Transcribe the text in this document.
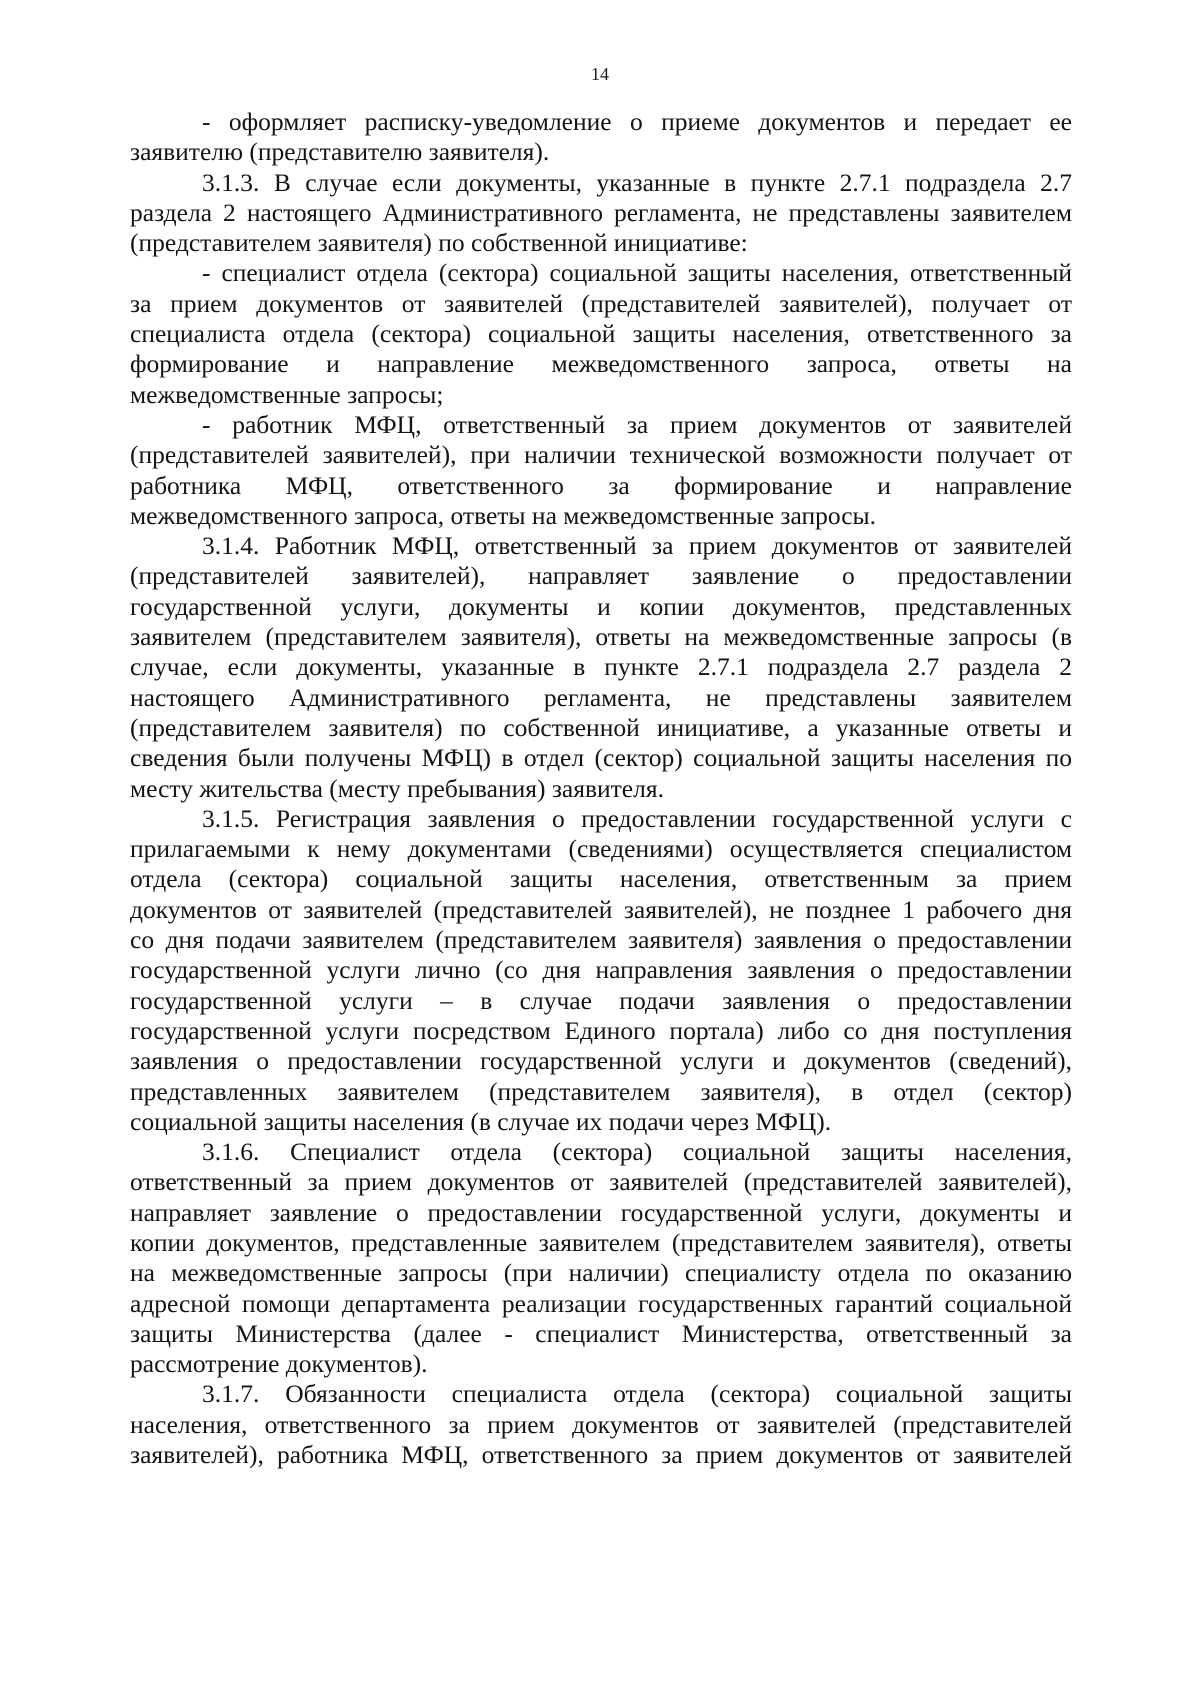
14
- оформляет расписку-уведомление о приеме документов и передает ее
заявителю (представителю заявителя).
3.1.3. В случае если документы, указанные в пункте 2.7.1 подраздела 2.7
раздела 2 настоящего Административного регламента, не представлены заявителем
(представителем заявителя) по собственной инициативе:
- специалист отдела (сектора) социальной защиты населения, ответственный
за прием документов от заявителей (представителей заявителей), получает от
специалиста отдела (сектора) социальной защиты населения, ответственного за
формирование и направление межведомственного запроса, ответы на
межведомственные запросы;
- работник МФЦ, ответственный за прием документов от заявителей
(представителей заявителей), при наличии технической возможности получает от
работника МФЦ, ответственного за формирование и направление
межведомственного запроса, ответы на межведомственные запросы.
3.1.4. Работник МФЦ, ответственный за прием документов от заявителей
(представителей заявителей), направляет заявление о предоставлении
государственной услуги, документы и копии документов, представленных
заявителем (представителем заявителя), ответы на межведомственные запросы (в
случае, если документы, указанные в пункте 2.7.1 подраздела 2.7 раздела 2
настоящего Административного регламента, не представлены заявителем
(представителем заявителя) по собственной инициативе, а указанные ответы и
сведения были получены МФЦ) в отдел (сектор) социальной защиты населения по
месту жительства (месту пребывания) заявителя.
3.1.5. Регистрация заявления о предоставлении государственной услуги с
прилагаемыми к нему документами (сведениями) осуществляется специалистом
отдела (сектора) социальной защиты населения, ответственным за прием
документов от заявителей (представителей заявителей), не позднее 1 рабочего дня
со дня подачи заявителем (представителем заявителя) заявления о предоставлении
государственной услуги лично (со дня направления заявления о предоставлении
государственной услуги – в случае подачи заявления о предоставлении
государственной услуги посредством Единого портала) либо со дня поступления
заявления о предоставлении государственной услуги и документов (сведений),
представленных заявителем (представителем заявителя), в отдел (сектор)
социальной защиты населения (в случае их подачи через МФЦ).
3.1.6. Специалист отдела (сектора) социальной защиты населения,
ответственный за прием документов от заявителей (представителей заявителей),
направляет заявление о предоставлении государственной услуги, документы и
копии документов, представленные заявителем (представителем заявителя), ответы
на межведомственные запросы (при наличии) специалисту отдела по оказанию
адресной помощи департамента реализации государственных гарантий социальной
защиты Министерства (далее - специалист Министерства, ответственный за
рассмотрение документов).
3.1.7. Обязанности специалиста отдела (сектора) социальной защиты
населения, ответственного за прием документов от заявителей (представителей
заявителей), работника МФЦ, ответственного за прием документов от заявителей
